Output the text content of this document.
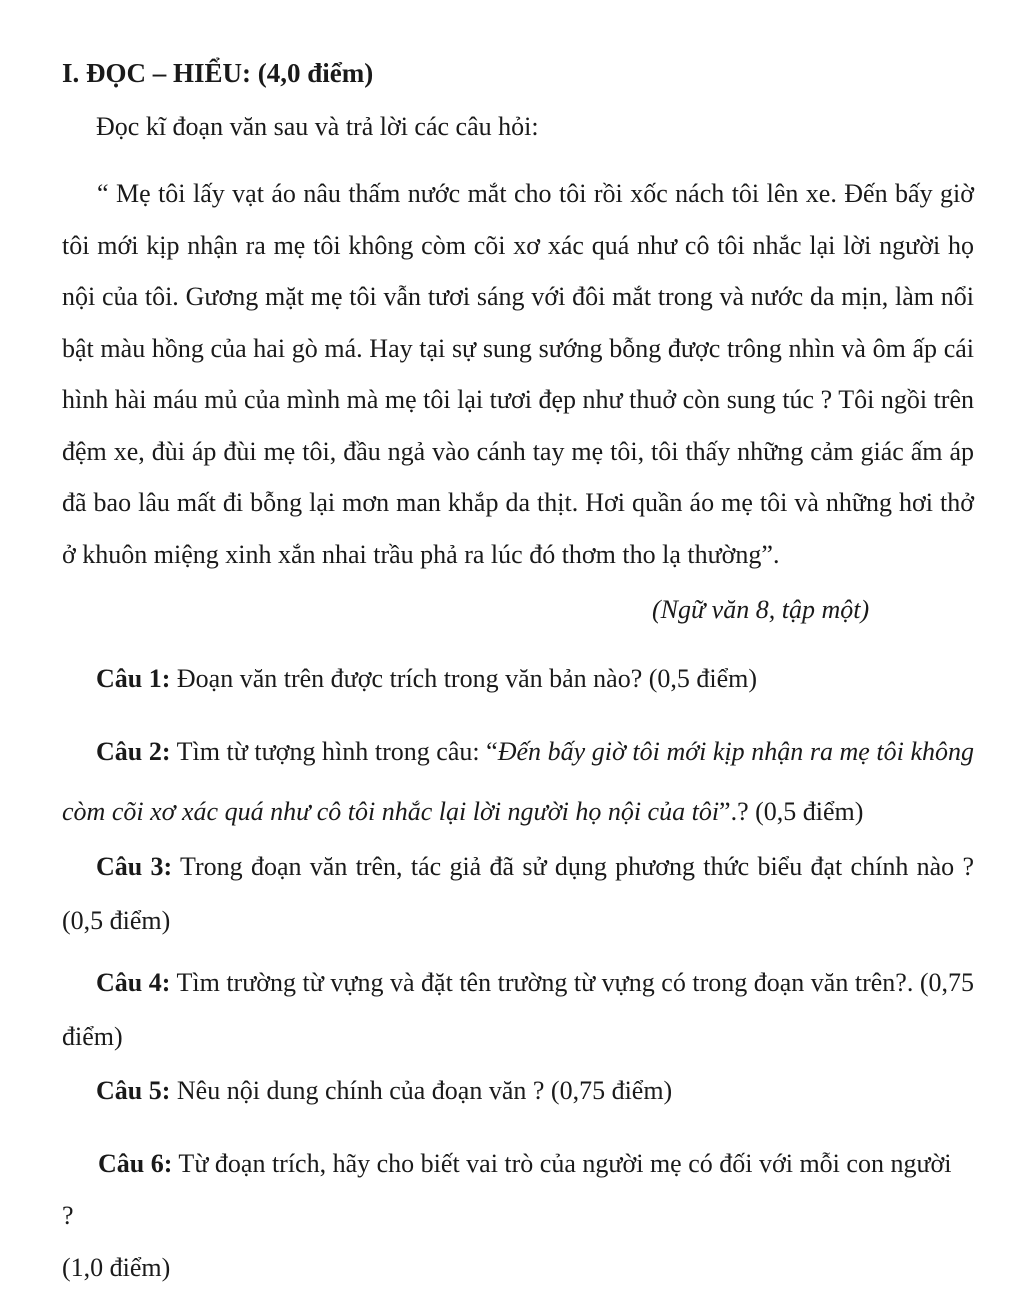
I. ĐỌC – HIỂU: (4,0 điểm)
Đọc kĩ đoạn văn sau và trả lời các câu hỏi:

“ Mẹ tôi lấy vạt áo nâu thấm nước mắt cho tôi rồi xốc nách tôi lên xe. Đến bấy giờ tôi mới kịp nhận ra mẹ tôi không còm cõi xơ xác quá như cô tôi nhắc lại lời người họ nội của tôi. Gương mặt mẹ tôi vẫn tươi sáng với đôi mắt trong và nước da mịn, làm nổi bật màu hồng của hai gò má. Hay tại sự sung sướng bỗng được trông nhìn và ôm ấp cái hình hài máu mủ của mình mà mẹ tôi lại tươi đẹp như thuở còn sung túc ? Tôi ngồi trên đệm xe, đùi áp đùi mẹ tôi, đầu ngả vào cánh tay mẹ tôi, tôi thấy những cảm giác ấm áp đã bao lâu mất đi bỗng lại mơn man khắp da thịt. Hơi quần áo mẹ tôi và những hơi thở ở khuôn miệng xinh xắn nhai trầu phả ra lúc đó thơm tho lạ thường”.

(Ngữ văn 8, tập một)

Câu 1: Đoạn văn trên được trích trong văn bản nào? (0,5 điểm)

Câu 2: Tìm từ tượng hình trong câu: “Đến bấy giờ tôi mới kịp nhận ra mẹ tôi không còm cõi xơ xác quá như cô tôi nhắc lại lời người họ nội của tôi”.? (0,5 điểm)

Câu 3: Trong đoạn văn trên, tác giả đã sử dụng phương thức biểu đạt chính nào ? (0,5 điểm)

Câu 4: Tìm trường từ vựng và đặt tên trường từ vựng có trong đoạn văn trên?. (0,75 điểm)

Câu 5: Nêu nội dung chính của đoạn văn ? (0,75 điểm)

Câu 6: Từ đoạn trích, hãy cho biết vai trò của người mẹ có đối với mỗi con người
?
(1,0 điểm)
